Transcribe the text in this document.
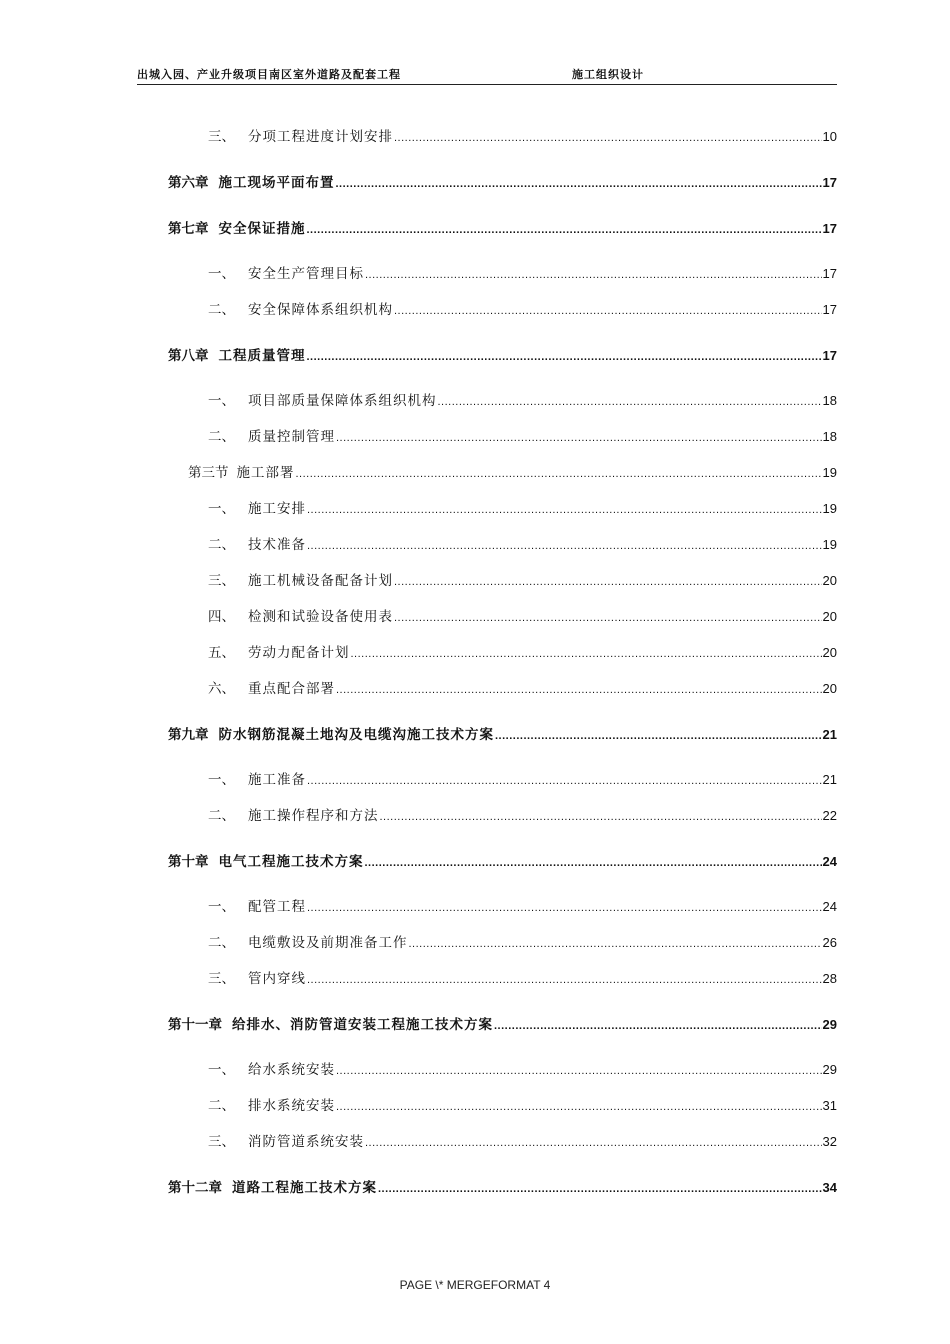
出城入园、产业升级项目南区室外道路及配套工程	施工组织设计
三、 分项工程进度计划安排 .....	10
第六章 施工现场平面布置 .....	17
第七章 安全保证措施 .....	17
一、 安全生产管理目标 .....	17
二、 安全保障体系组织机构 .....	17
第八章 工程质量管理 .....	17
一、 项目部质量保障体系组织机构 .....	18
二、 质量控制管理 .....	18
第三节 施工部署 .....	19
一、 施工安排 .....	19
二、 技术准备 .....	19
三、 施工机械设备配备计划 .....	20
四、 检测和试验设备使用表 .....	20
五、 劳动力配备计划 .....	20
六、 重点配合部署 .....	20
第九章 防水钢筋混凝土地沟及电缆沟施工技术方案 .....	21
一、 施工准备 .....	21
二、 施工操作程序和方法 .....	22
第十章 电气工程施工技术方案 .....	24
一、 配管工程 .....	24
二、 电缆敷设及前期准备工作 .....	26
三、 管内穿线 .....	28
第十一章 给排水、消防管道安装工程施工技术方案 .....	29
一、 给水系统安装 .....	29
二、 排水系统安装 .....	31
三、 消防管道系统安装 .....	32
第十二章 道路工程施工技术方案 .....	34
PAGE \* MERGEFORMAT 4
